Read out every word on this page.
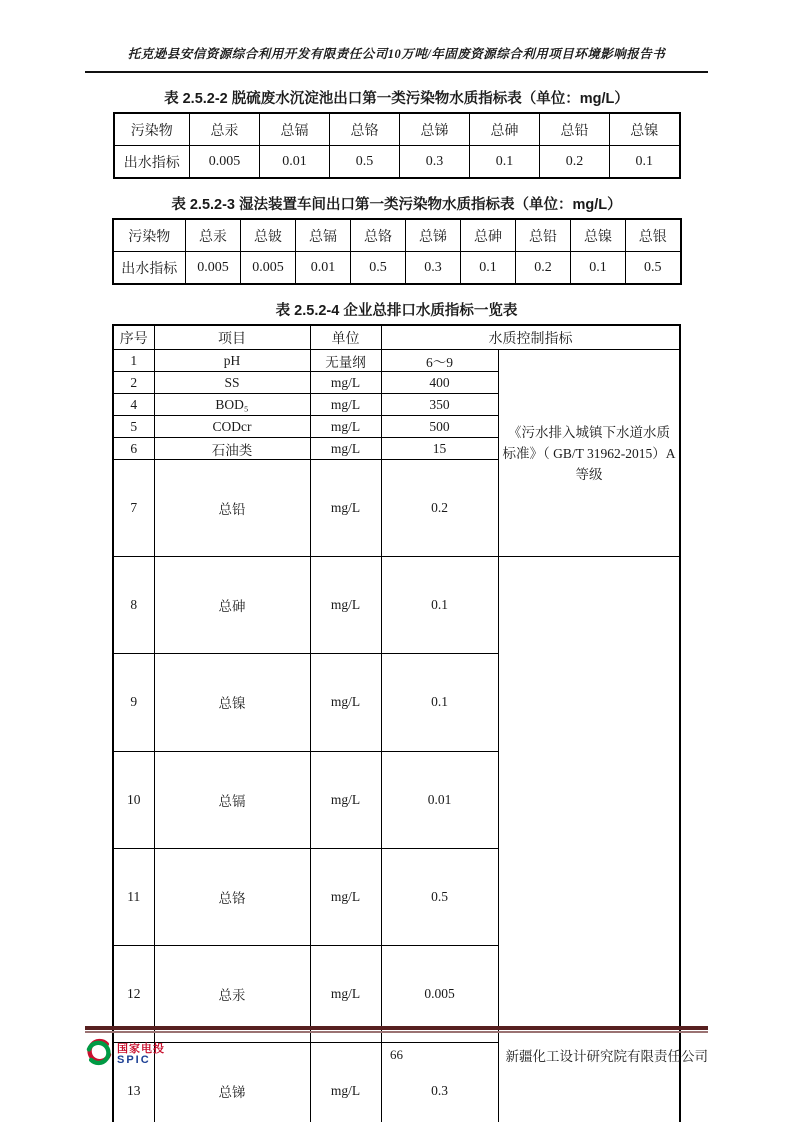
托克逊县安信资源综合利用开发有限责任公司10万吨/年固废资源综合利用项目环境影响报告书
表 2.5.2-2 脱硫废水沉淀池出口第一类污染物水质指标表（单位：mg/L）
污染物	总汞	总镉	总铬	总锑	总砷	总铅	总镍
出水指标	0.005	0.01	0.5	0.3	0.1	0.2	0.1
表 2.5.2-3 湿法装置车间出口第一类污染物水质指标表（单位：mg/L）
污染物	总汞	总铍	总镉	总铬	总锑	总砷	总铅	总镍	总银
出水指标	0.005	0.005	0.01	0.5	0.3	0.1	0.2	0.1	0.5
表 2.5.2-4 企业总排口水质指标一览表
序号	项目	单位	水质控制指标		
1	pH	无量纲	6～9	《污水排入城镇下水道水质标准》（ GB/T 31962-2015）A等级	
2	SS	mg/L	400		
4	BOD₅	mg/L	350		
5	CODcr	mg/L	500		
6	石油类	mg/L	15		
7	总铅	mg/L	0.2	
8	总砷	mg/L	0.1		
9	总镍	mg/L	0.1		
10	总镉	mg/L	0.01		
11	总铬	mg/L	0.5		
12	总汞	mg/L	0.005		
13	总锑	mg/L	0.3		

国家电投
SPIC	66	新疆化工设计研究院有限责任公司
